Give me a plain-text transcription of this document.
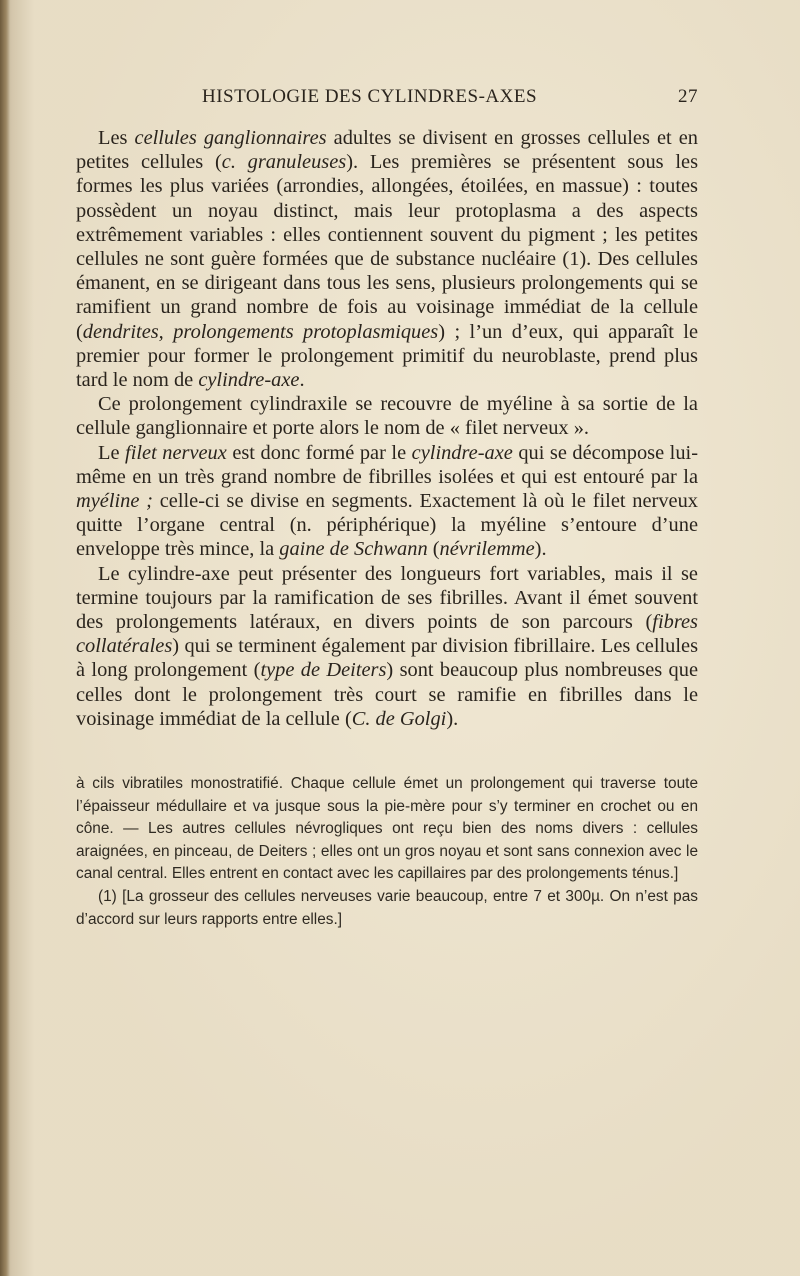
HISTOLOGIE DES CYLINDRES-AXES	27

Les cellules ganglionnaires adultes se divisent en grosses cellules et en petites cellules (c. granuleuses). Les premières se présentent sous les formes les plus variées (arrondies, allongées, étoilées, en massue) : toutes possèdent un noyau distinct, mais leur protoplasma a des aspects extrêmement variables : elles contiennent souvent du pigment ; les petites cellules ne sont guère formées que de substance nucléaire (1). Des cellules émanent, en se dirigeant dans tous les sens, plusieurs prolongements qui se ramifient un grand nombre de fois au voisinage immédiat de la cellule (dendrites, prolongements protoplasmiques) ; l’un d’eux, qui apparaît le premier pour former le prolongement primitif du neuroblaste, prend plus tard le nom de cylindre-axe.

Ce prolongement cylindraxile se recouvre de myéline à sa sortie de la cellule ganglionnaire et porte alors le nom de « filet nerveux ».

Le filet nerveux est donc formé par le cylindre-axe qui se décompose lui-même en un très grand nombre de fibrilles isolées et qui est entouré par la myéline ; celle-ci se divise en segments. Exactement là où le filet nerveux quitte l’organe central (n. périphérique) la myéline s’entoure d’une enveloppe très mince, la gaine de Schwann (névrilemme).

Le cylindre-axe peut présenter des longueurs fort variables, mais il se termine toujours par la ramification de ses fibrilles. Avant il émet souvent des prolongements latéraux, en divers points de son parcours (fibres collatérales) qui se terminent également par division fibrillaire. Les cellules à long prolongement (type de Deiters) sont beaucoup plus nombreuses que celles dont le prolongement très court se ramifie en fibrilles dans le voisinage immédiat de la cellule (C. de Golgi).

à cils vibratiles monostratifié. Chaque cellule émet un prolongement qui traverse toute l’épaisseur médullaire et va jusque sous la pie-mère pour s’y terminer en crochet ou en cône. — Les autres cellules névrogliques ont reçu bien des noms divers : cellules araignées, en pinceau, de Deiters ; elles ont un gros noyau et sont sans connexion avec le canal central. Elles entrent en contact avec les capillaires par des prolongements ténus.]

(1) [La grosseur des cellules nerveuses varie beaucoup, entre 7 et 300µ. On n’est pas d’accord sur leurs rapports entre elles.]
